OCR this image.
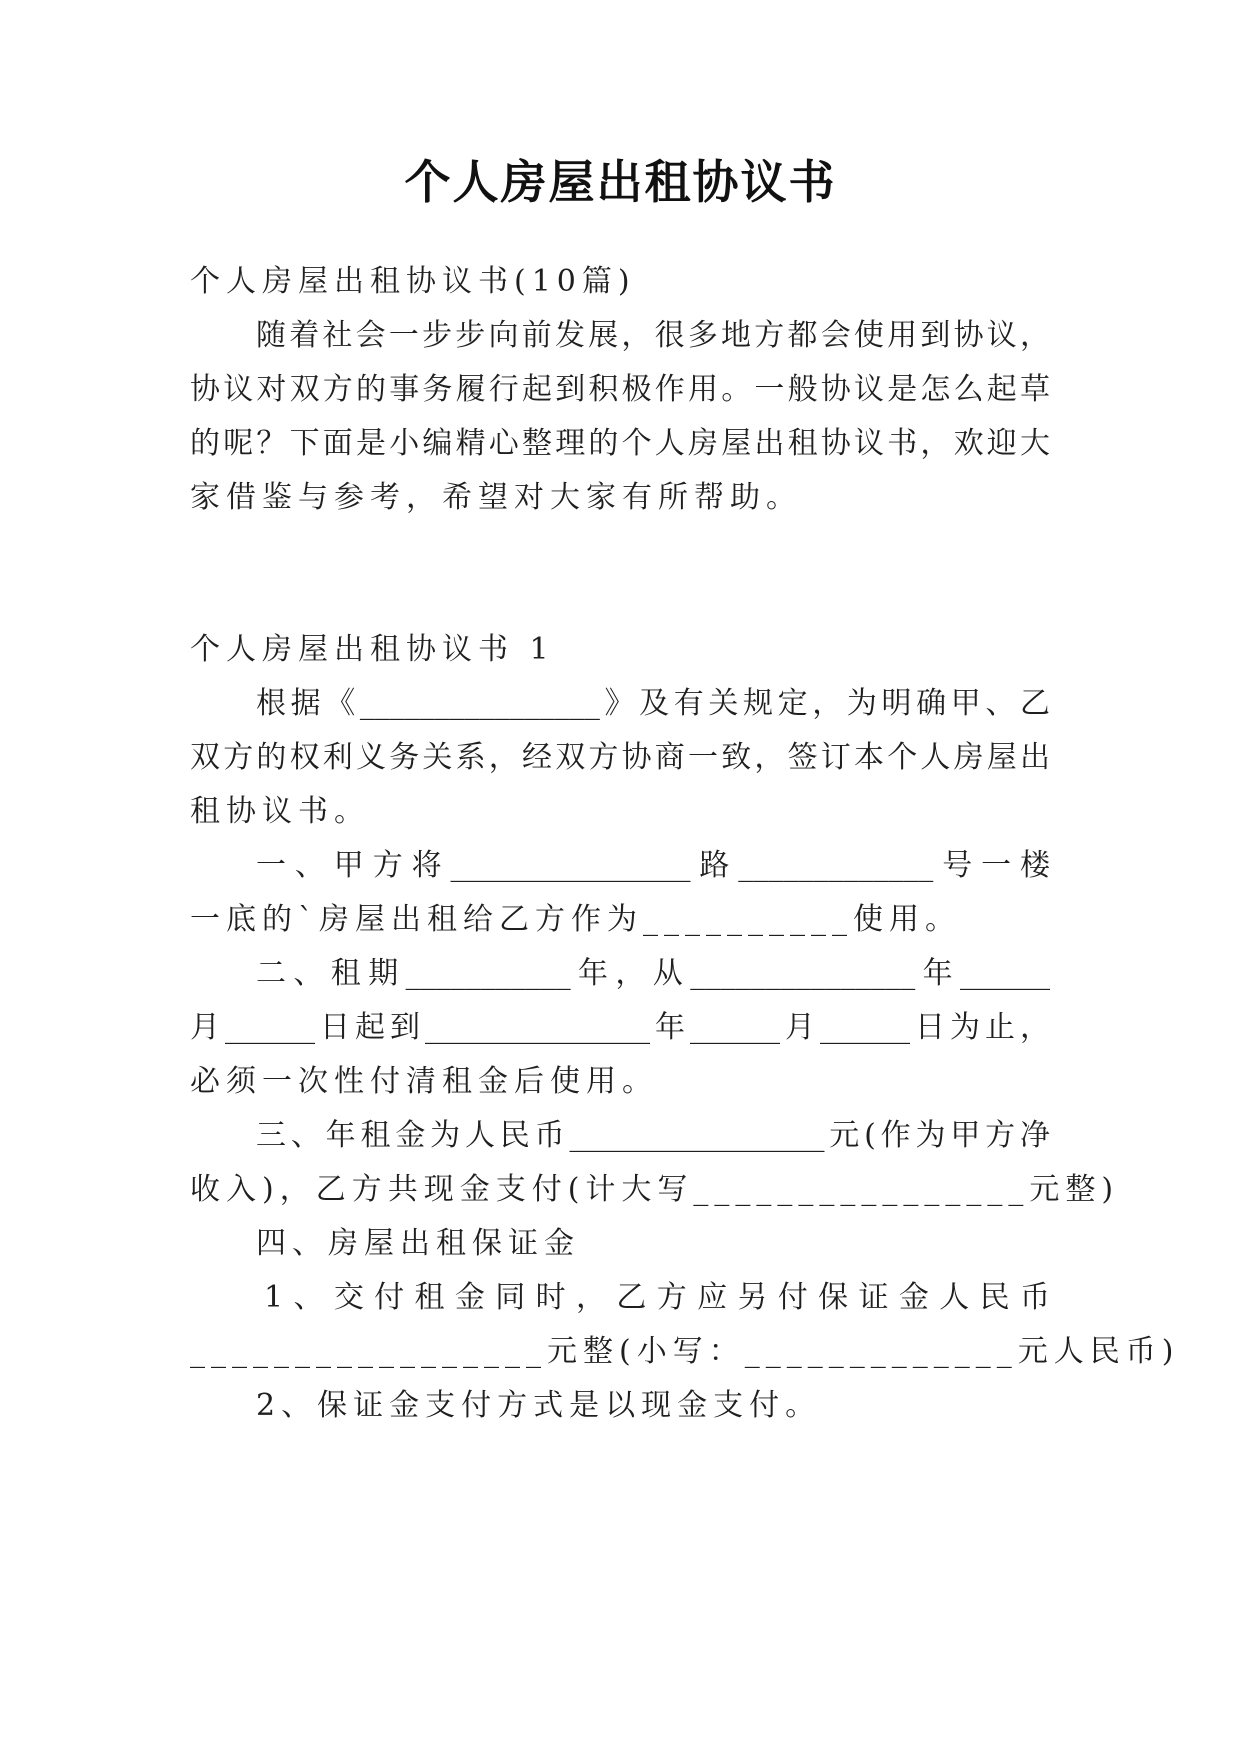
个人房屋出租协议书
个人房屋出租协议书(10篇)
随着社会一步步向前发展，很多地方都会使用到协议，
协议对双方的事务履行起到积极作用。一般协议是怎么起草
的呢？下面是小编精心整理的个人房屋出租协议书，欢迎大
家借鉴与参考，希望对大家有所帮助。
个人房屋出租协议书 1
根据《________________》及有关规定，为明确甲、乙
双方的权利义务关系，经双方协商一致，签订本个人房屋出
租协议书。
一、甲方将________________路_____________号一楼
一底的`房屋出租给乙方作为__________使用。
二、租期___________年，从_______________年______
月______日起到_______________年______月______日为止，
必须一次性付清租金后使用。
三、年租金为人民币_________________元(作为甲方净
收入)，乙方共现金支付(计大写________________元整)
四、房屋出租保证金
1、交付租金同时，乙方应另付保证金人民币
_________________元整(小写：_____________元人民币)
2、保证金支付方式是以现金支付。
